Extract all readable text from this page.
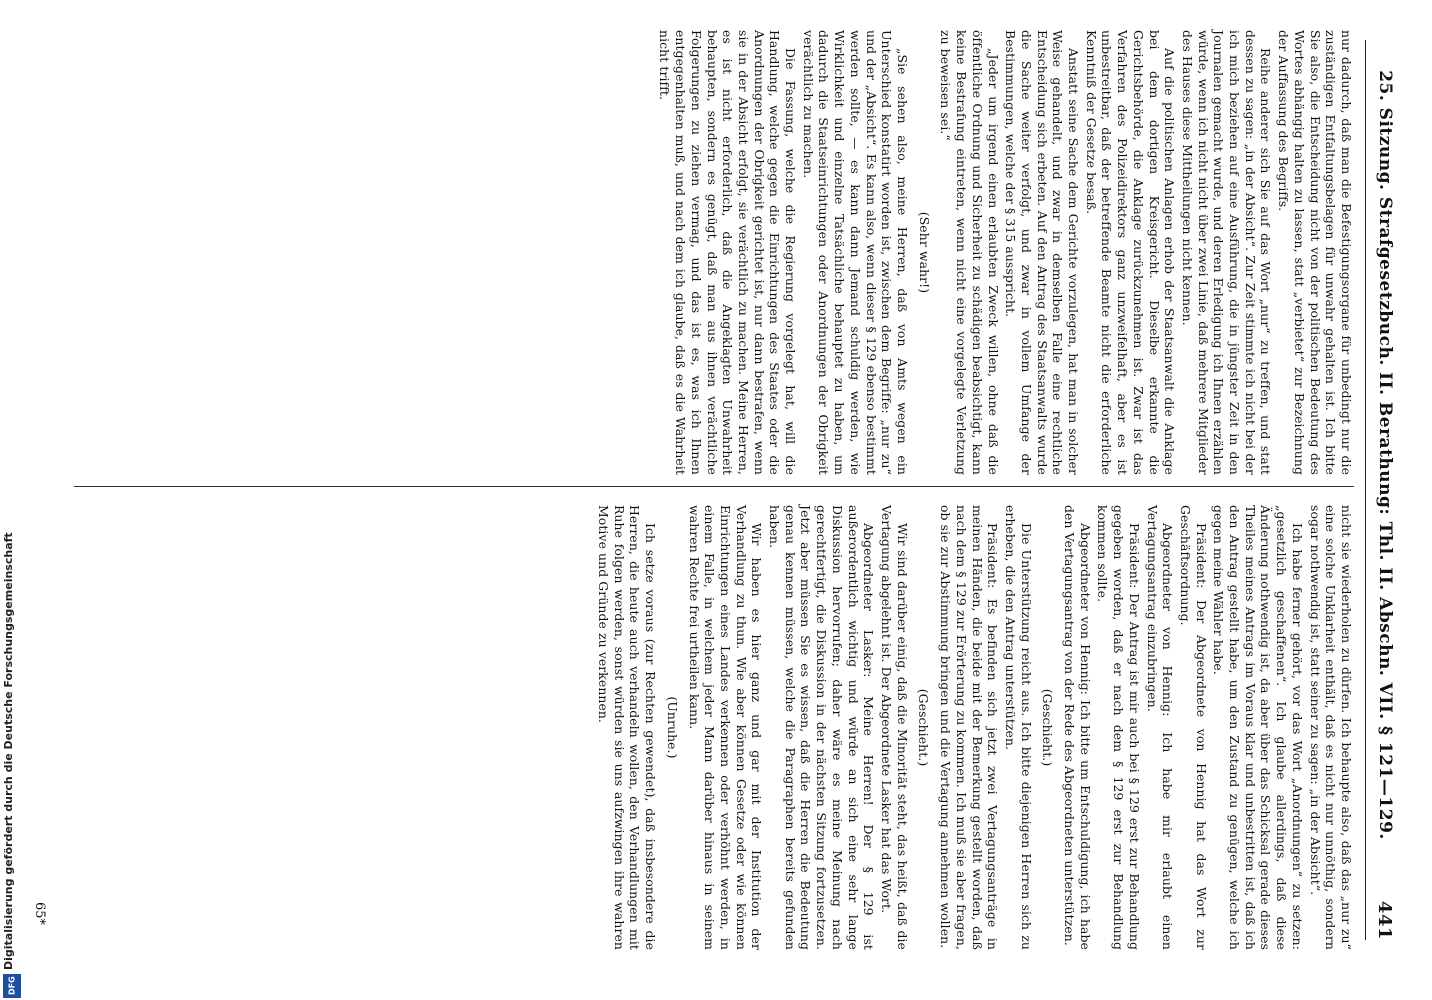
Digitalisierung gefördert durch die Deutsche Forschungsgemeinschaft
DFG
25. Sitzung. Strafgesetzbuch. II. Berathung: Thl. II. Abschn. VII. § 121—129.
441

nur dadurch, daß man die Befestigungsorgane für unbedingt nur die zuständigen Entfaltungsbelagen für unwahr gehalten ist. Ich bitte Sie also, die Entscheidung nicht von der politischen Bedeutung des Wortes abhängig halten zu lassen, statt „verbietet“ zur Bezeichnung der Auffassung des Begriffs.

Reihe anderer sich Sie auf das Wort „nur“ zu treffen, und statt dessen zu sagen: „in der Absicht“. Zur Zeit stimmte ich nicht bei der ich mich beziehen auf eine Ausführung, die in jüngster Zeit in den Journalen gemacht wurde, und deren Erledigung ich Ihnen erzählen würde, wenn ich nicht nicht über zwei Linie, daß mehrere Mitglieder des Hauses diese Mittheilungen nicht kennen.

Auf die politischen Anlagen erhob der Staatsanwalt die Anklage bei dem dortigen Kreisgericht. Dieselbe erkannte die Gerichtsbehörde, die Anklage zurückzunehmen ist. Zwar ist das Verfahren des Polizeidirektors ganz unzweifelhaft, aber es ist unbestreitbar, daß der betreffende Beamte nicht die erforderliche Kenntniß der Gesetze besaß.

Anstatt seine Sache dem Gerichte vorzulegen, hat man in solcher Weise gehandelt, und zwar in demselben Falle eine rechtliche Entscheidung sich erbeten. Auf den Antrag des Staatsanwalts wurde die Sache weiter verfolgt, und zwar in vollem Umfange der Bestimmungen, welche der § 315 ausspricht.

„Jeder um irgend einen erlaubten Zweck willen, ohne daß die öffentliche Ordnung und Sicherheit zu schädigen beabsichtigt, kann keine Bestrafung eintreten, wenn nicht eine vorgelegte Verletzung zu beweisen sei.“

(Sehr wahr!)

„Sie sehen also, meine Herren, daß von Amts wegen ein Unterschied konstatirt worden ist, zwischen dem Begriffe: „nur zu“ und der „Absicht“. Es kann also, wenn dieser § 129 ebenso bestimmt werden sollte, — es kann dann Jemand schuldig werden, wie Wirklichkeit und einzelne Tatsächliche behauptet zu haben, um dadurch die Staatseinrichtungen oder Anordnungen der Obrigkeit verächtlich zu machen.

Die Fassung, welche die Regierung vorgelegt hat, will die Handlung, welche gegen die Einrichtungen des Staates oder die Anordnungen der Obrigkeit gerichtet ist, nur dann bestrafen, wenn sie in der Absicht erfolgt, sie verächtlich zu machen. Meine Herren, es ist nicht erforderlich, daß die Angeklagten Unwahrheit behaupten, sondern es genügt, daß man aus ihnen verächtliche Folgerungen zu ziehen vermag, und das ist es, was ich Ihnen entgegenhalten muß, und nach dem ich glaube, daß es die Wahrheit nicht trifft.

nicht sie wiederholen zu dürfen. Ich behaupte also, daß das „nur zu“ eine solche Unklarheit enthält, daß es nicht nur unnöthig, sondern sogar nothwendig ist, statt seiner zu sagen: „in der Absicht“.

Ich habe ferner gehört, vor das Wort „Anordnungen“ zu setzen: „gesetzlich geschaffenen“. Ich glaube allerdings, daß diese Änderung nothwendig ist, da aber über das Schicksal gerade dieses Theiles meines Antrags im Voraus klar und unbestritten ist, daß ich den Antrag gestellt habe, um den Zustand zu genügen, welche ich gegen meine Wähler habe.

Präsident: Der Abgeordnete von Hennig hat das Wort zur Geschäftsordnung.

Abgeordneter von Hennig: Ich habe mir erlaubt einen Vertagungsantrag einzubringen.

Präsident: Der Antrag ist mir auch bei § 129 erst zur Behandlung gegeben worden, daß er nach dem § 129 erst zur Behandlung kommen sollte.

Abgeordneter von Hennig: Ich bitte um Entschuldigung, ich habe den Vertagungsantrag von der Rede des Abgeordneten unterstützen.

(Geschieht.)

Die Unterstützung reicht aus. Ich bitte diejenigen Herren sich zu erheben, die den Antrag unterstützen.

Präsident: Es befinden sich jetzt zwei Vertagungsanträge in meinen Händen, die beide mit der Bemerkung gestellt worden, daß nach dem § 129 zur Erörterung zu kommen. Ich muß sie aber fragen, ob sie zur Abstimmung bringen und die Vertagung annehmen wollen.

(Geschieht.)

Wir sind darüber einig, daß die Minorität steht, das heißt, daß die Vertagung abgelehnt ist. Der Abgeordnete Lasker hat das Wort.

Abgeordneter Lasker: Meine Herren! Der § 129 ist außerordentlich wichtig und würde an sich eine sehr lange Diskussion hervorrufen; daher wäre es meine Meinung nach gerechtfertigt, die Diskussion in der nächsten Sitzung fortzusetzen. Jetzt aber müssen Sie es wissen, daß die Herren die Bedeutung genau kennen müssen, welche die Paragraphen bereits gefunden haben.

Wir haben es hier ganz und gar mit der Institution der Verhandlung zu thun. Wie aber können Gesetze oder wie können Einrichtungen eines Landes verkennen oder verhöhnt werden, in einem Falle, in welchem jeder Mann darüber hinaus in seinem wahren Rechte frei urtheilen kann.

(Unruhe.)

Ich setze voraus (zur Rechten gewendet), daß insbesondere die Herren, die heute auch verhandeln wollen, den Verhandlungen mit Ruhe folgen werden, sonst würden sie uns aufzwingen ihre wahren Motive und Gründe zu verkennen.

65*
